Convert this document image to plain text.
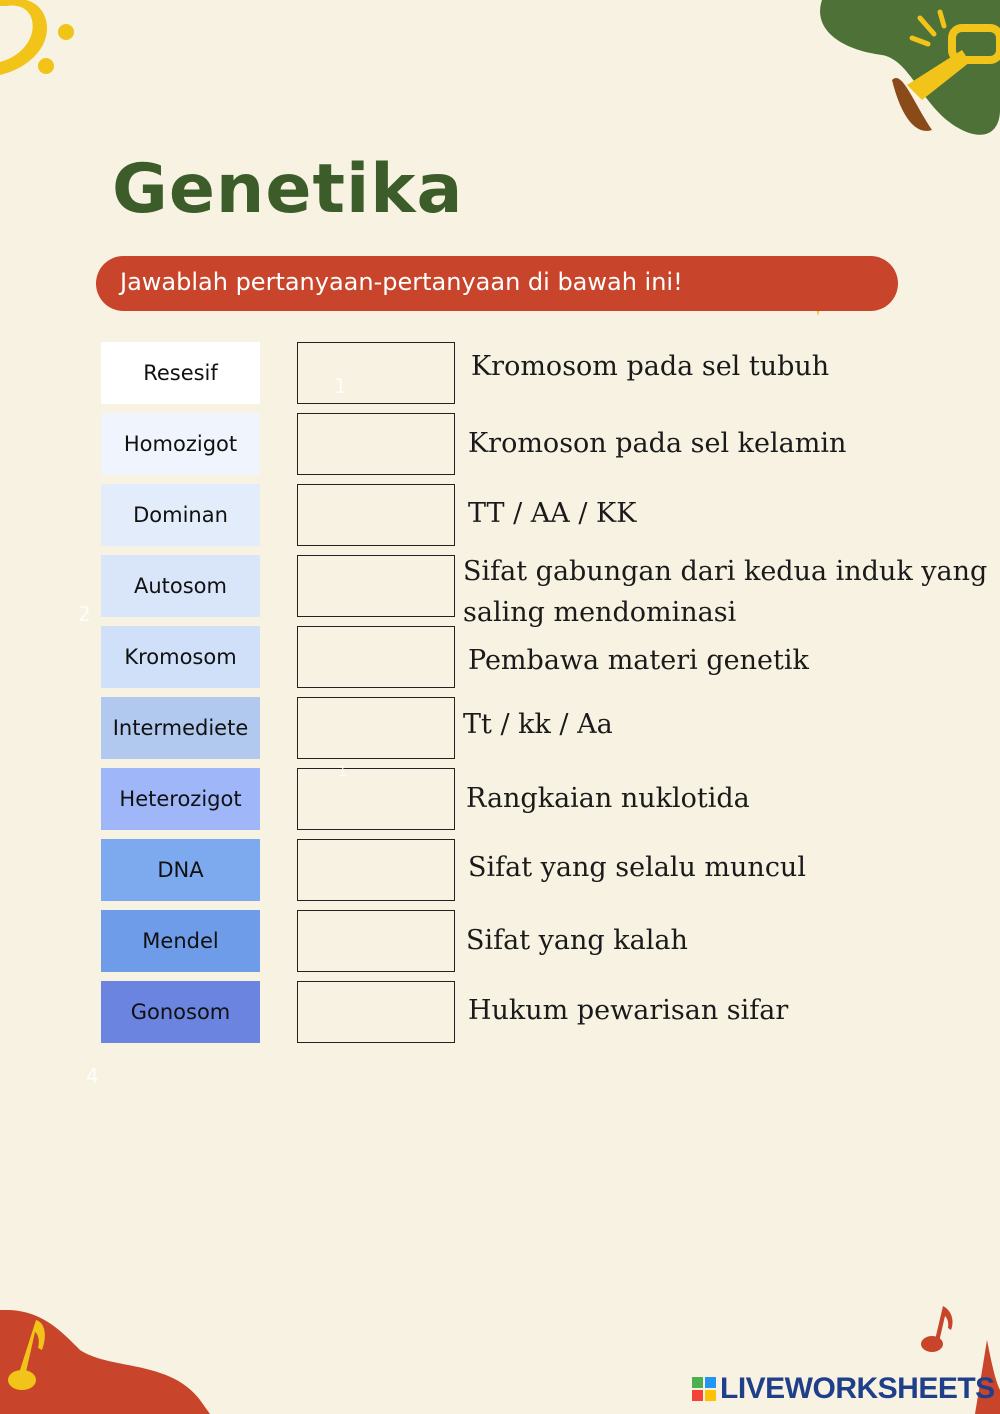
Genetika
Jawablah pertanyaan-pertanyaan di bawah ini!
Resesif
Homozigot
Dominan
Autosom
Kromosom
Intermediete
Heterozigot
DNA
Mendel
Gonosom
Kromosom pada sel tubuh
Kromoson pada sel kelamin
TT / AA / KK
Sifat gabungan dari kedua induk yang
saling mendominasi
Pembawa materi genetik
Tt / kk / Aa
Rangkaian nuklotida
Sifat yang selalu muncul
Sifat yang kalah
Hukum pewarisan sifar
1
2
4
1
LIVEWORKSHEETS
